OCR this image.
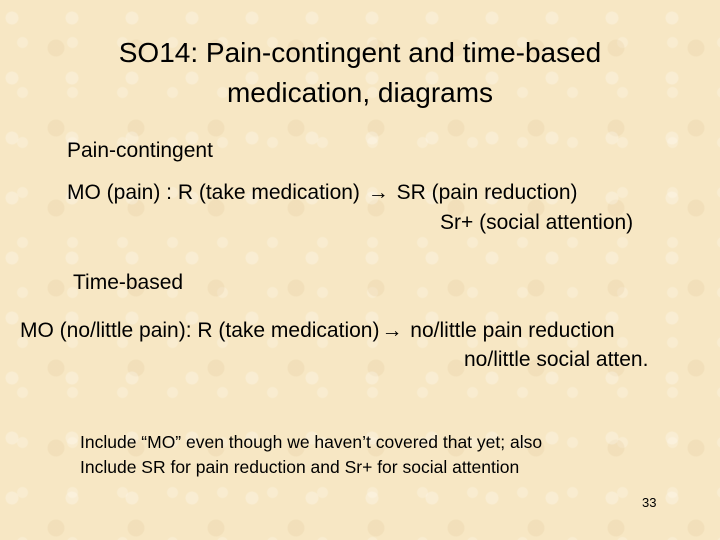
SO14: Pain-contingent and time-based
medication, diagrams
Pain-contingent
MO (pain) : R (take medication) → SR (pain reduction)
Sr+ (social attention)
Time-based
MO (no/little pain): R (take medication)→ no/little pain reduction
no/little social atten.
Include “MO” even though we haven’t covered that yet; also
Include SR for pain reduction and Sr+ for social attention
33
